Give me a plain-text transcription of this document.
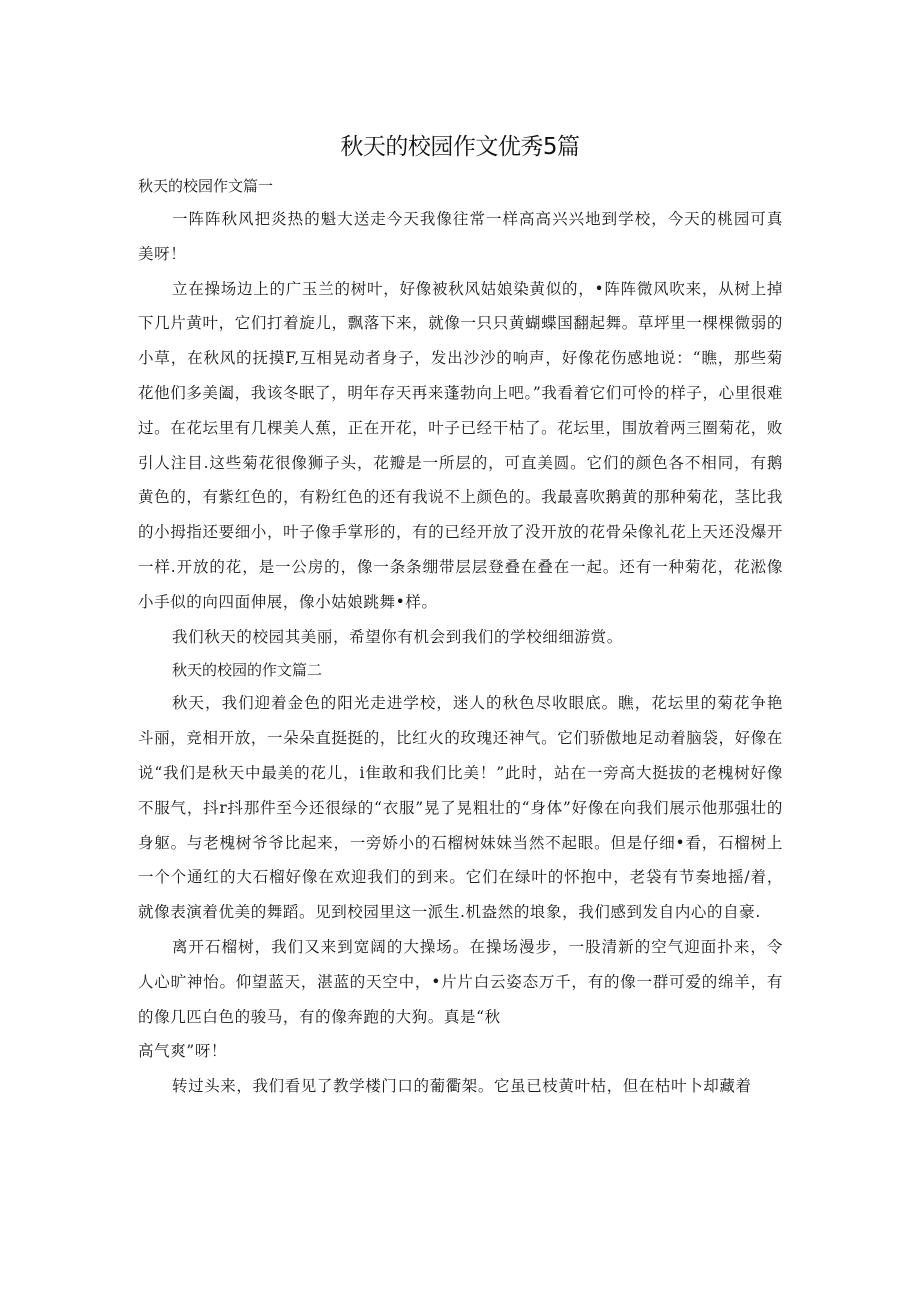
秋天的校园作文优秀5篇

秋天的校园作文篇一

一阵阵秋风把炎热的魁大送走今天我像往常一样高高兴兴地到学校，今天的桃园可真美呀！

立在操场边上的广玉兰的树叶，好像被秋风姑娘染黄似的，•阵阵微风吹来，从树上掉下几片黄叶，它们打着旋儿，飘落下来，就像一只只黄蝴蝶国翻起舞。草坪里一棵棵微弱的小草，在秋风的抚摸F,互相晃动者身子，发出沙沙的响声，好像花伤感地说：“瞧，那些菊花他们多美阖，我该冬眠了，明年存天再来蓬勃向上吧。”我看着它们可怜的样子，心里很难过。在花坛里有几棵美人蕉，正在开花，叶子已经干枯了。花坛里，围放着两三圈菊花，败引人注目.这些菊花很像狮子头，花瓣是一所层的，可直美圆。它们的颜色各不相同，有鹅黄色的，有紫红色的，有粉红色的还有我说不上颜色的。我最喜吹鹅黄的那种菊花，茎比我的小拇指还要细小，叶子像手掌形的，有的已经开放了没开放的花骨朵像礼花上天还没爆开一样.开放的花，是一公房的，像一条条绷带层层登叠在叠在一起。还有一种菊花，花淞像小手似的向四面伸展，像小姑娘跳舞•样。

我们秋天的校园其美丽，希望你有机会到我们的学校细细游赏。

秋天的校园的作文篇二

秋天，我们迎着金色的阳光走进学校，迷人的秋色尽收眼底。瞧，花坛里的菊花争艳斗丽，竞相开放，一朵朵直挺挺的，比红火的玫瑰还神气。它们骄傲地足动着脑袋，好像在说“我们是秋天中最美的花儿，i隹敢和我们比美！”此时，站在一旁高大挺拔的老槐树好像不服气，抖r抖那件至今还很绿的“衣服”晃了晃粗壮的“身体”好像在向我们展示他那强壮的身躯。与老槐树爷爷比起来，一旁娇小的石榴树妹妹当然不起眼。但是仔细•看，石榴树上一个个通红的大石榴好像在欢迎我们的到来。它们在绿叶的怀抱中，老袋有节奏地摇/着，就像表演着优美的舞蹈。见到校园里这一派生.机盎然的埌象，我们感到发自内心的自豪.

离开石榴树，我们又来到宽阔的大操场。在操场漫步，一股清新的空气迎面扑来，令人心旷神怡。仰望蓝天，湛蓝的天空中，•片片白云姿态万千，有的像一群可爱的绵羊，有的像几匹白色的骏马，有的像奔跑的大狗。真是“秋

高气爽”呀！

转过头来，我们看见了教学楼门口的葡衢架。它虽已枝黄叶枯，但在枯叶卜却藏着
